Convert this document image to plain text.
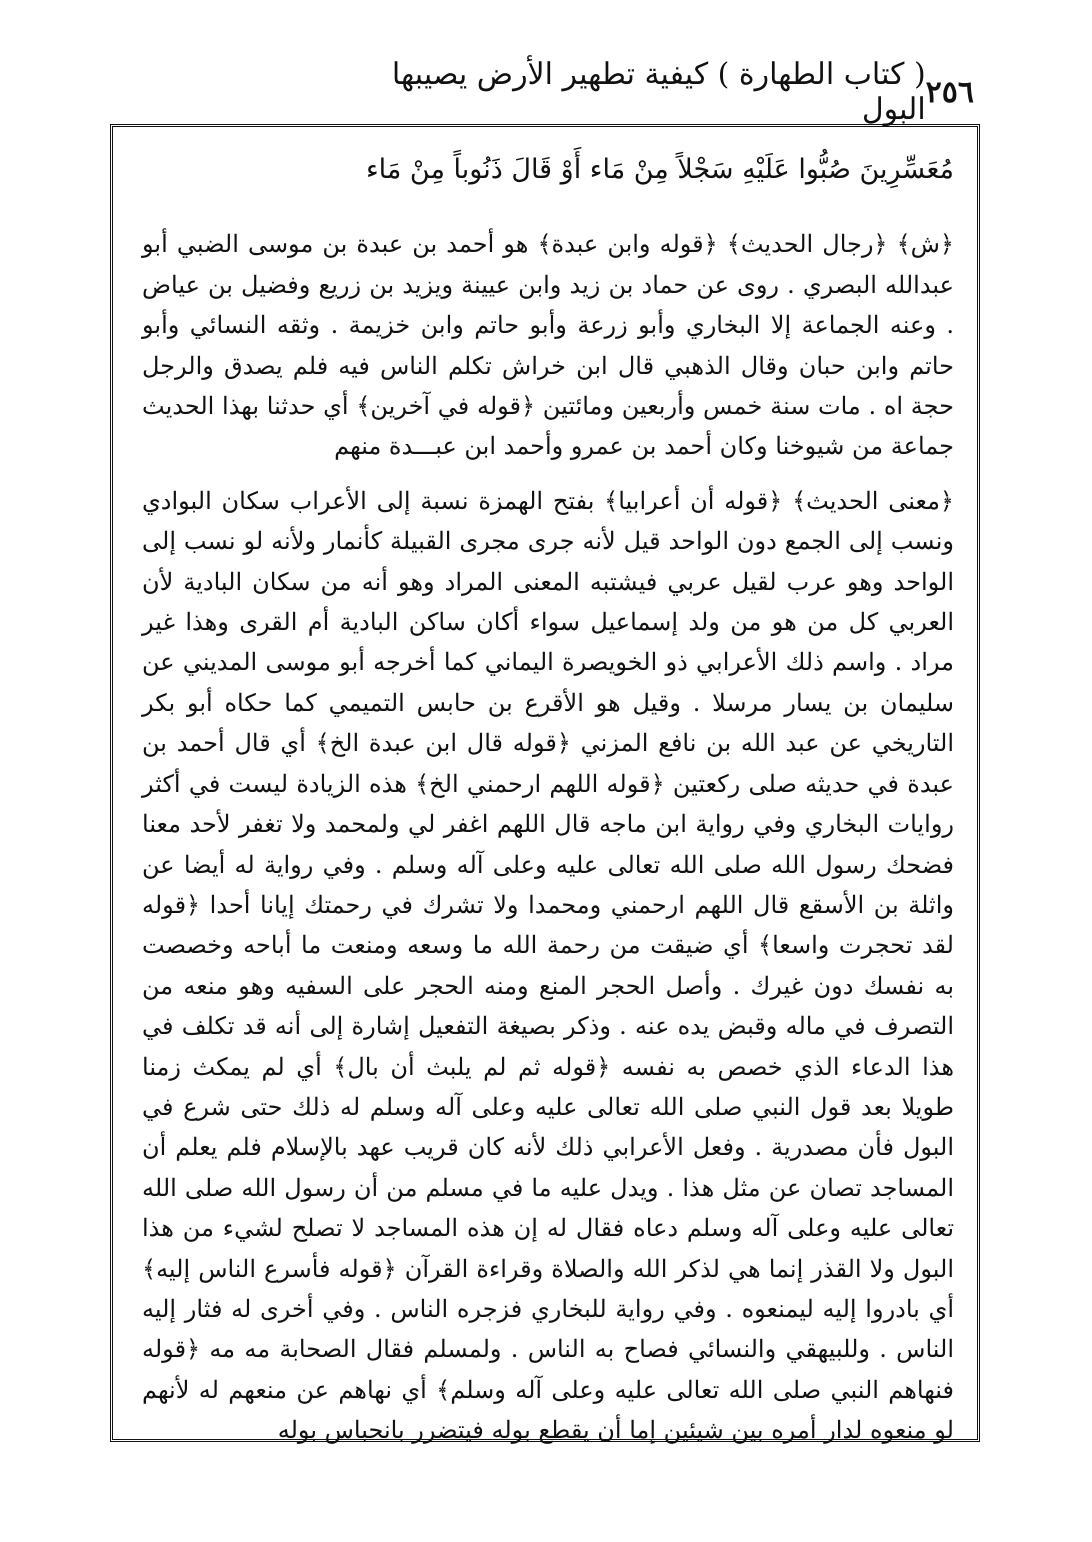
٢٥٦
( كتاب الطهارة ) كيفية تطهير الأرض يصيبها البول
مُعَسِّرِينَ صُبُّوا عَلَيْهِ سَجْلاً مِنْ مَاء أَوْ قَالَ ذَنُوباً مِنْ مَاء

﴿ش﴾ ﴿رجال الحديث﴾ ﴿قوله وابن عبدة﴾ هو أحمد بن عبدة بن موسى الضبي أبو عبدالله البصري . روى عن حماد بن زيد وابن عيينة ويزيد بن زريع وفضيل بن عياض . وعنه الجماعة إلا البخاري وأبو زرعة وأبو حاتم وابن خزيمة . وثقه النسائي وأبو حاتم وابن حبان وقال الذهبي قال ابن خراش تكلم الناس فيه فلم يصدق والرجل حجة اه . مات سنة خمس وأربعين ومائتين ﴿قوله في آخرين﴾ أي حدثنا بهذا الحديث جماعة من شيوخنا وكان أحمد بن عمرو وأحمد ابن عبـــدة منهم

﴿معنى الحديث﴾ ﴿قوله أن أعرابيا﴾ بفتح الهمزة نسبة إلى الأعراب سكان البوادي ونسب إلى الجمع دون الواحد قيل لأنه جرى مجرى القبيلة كأنمار ولأنه لو نسب إلى الواحد وهو عرب لقيل عربي فيشتبه المعنى المراد وهو أنه من سكان البادية لأن العربي كل من هو من ولد إسماعيل سواء أكان ساكن البادية أم القرى وهذا غير مراد . واسم ذلك الأعرابي ذو الخويصرة اليماني كما أخرجه أبو موسى المديني عن سليمان بن يسار مرسلا . وقيل هو الأقرع بن حابس التميمي كما حكاه أبو بكر التاريخي عن عبد الله بن نافع المزني ﴿قوله قال ابن عبدة الخ﴾ أي قال أحمد بن عبدة في حديثه صلى ركعتين ﴿قوله اللهم ارحمني الخ﴾ هذه الزيادة ليست في أكثر روايات البخاري وفي رواية ابن ماجه قال اللهم اغفر لي ولمحمد ولا تغفر لأحد معنا فضحك رسول الله صلى الله تعالى عليه وعلى آله وسلم . وفي رواية له أيضا عن واثلة بن الأسقع قال اللهم ارحمني ومحمدا ولا تشرك في رحمتك إيانا أحدا ﴿قوله لقد تحجرت واسعا﴾ أي ضيقت من رحمة الله ما وسعه ومنعت ما أباحه وخصصت به نفسك دون غيرك . وأصل الحجر المنع ومنه الحجر على السفيه وهو منعه من التصرف في ماله وقبض يده عنه . وذكر بصيغة التفعيل إشارة إلى أنه قد تكلف في هذا الدعاء الذي خصص به نفسه ﴿قوله ثم لم يلبث أن بال﴾ أي لم يمكث زمنا طويلا بعد قول النبي صلى الله تعالى عليه وعلى آله وسلم له ذلك حتى شرع في البول فأن مصدرية . وفعل الأعرابي ذلك لأنه كان قريب عهد بالإسلام فلم يعلم أن المساجد تصان عن مثل هذا . ويدل عليه ما في مسلم من أن رسول الله صلى الله تعالى عليه وعلى آله وسلم دعاه فقال له إن هذه المساجد لا تصلح لشيء من هذا البول ولا القذر إنما هي لذكر الله والصلاة وقراءة القرآن ﴿قوله فأسرع الناس إليه﴾ أي بادروا إليه ليمنعوه . وفي رواية للبخاري فزجره الناس . وفي أخرى له فثار إليه الناس . وللبيهقي والنسائي فصاح به الناس . ولمسلم فقال الصحابة مه مه ﴿قوله فنهاهم النبي صلى الله تعالى عليه وعلى آله وسلم﴾ أي نهاهم عن منعهم له لأنهم لو منعوه لدار أمره بين شيئين إما أن يقطع بوله فيتضرر بانحباس بوله
